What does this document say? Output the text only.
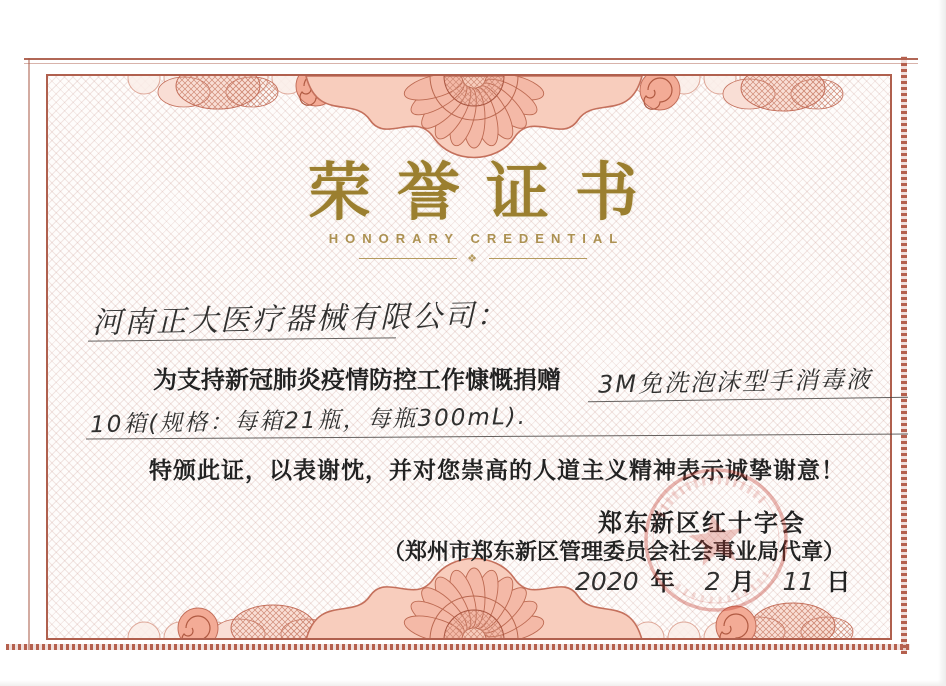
荣誉证书
HONORARY CREDENTIAL
❖
河南正大医疗器械有限公司：
为支持新冠肺炎疫情防控工作慷慨捐赠 3M免洗泡沫型手消毒液
10箱(规格：每箱21瓶，每瓶300mL).
特颁此证，以表谢忱，并对您崇高的人道主义精神表示诚挚谢意！
郑东新区红十字会
（郑州市郑东新区管理委员会社会事业局代章）
2020 年 2 月 11 日
